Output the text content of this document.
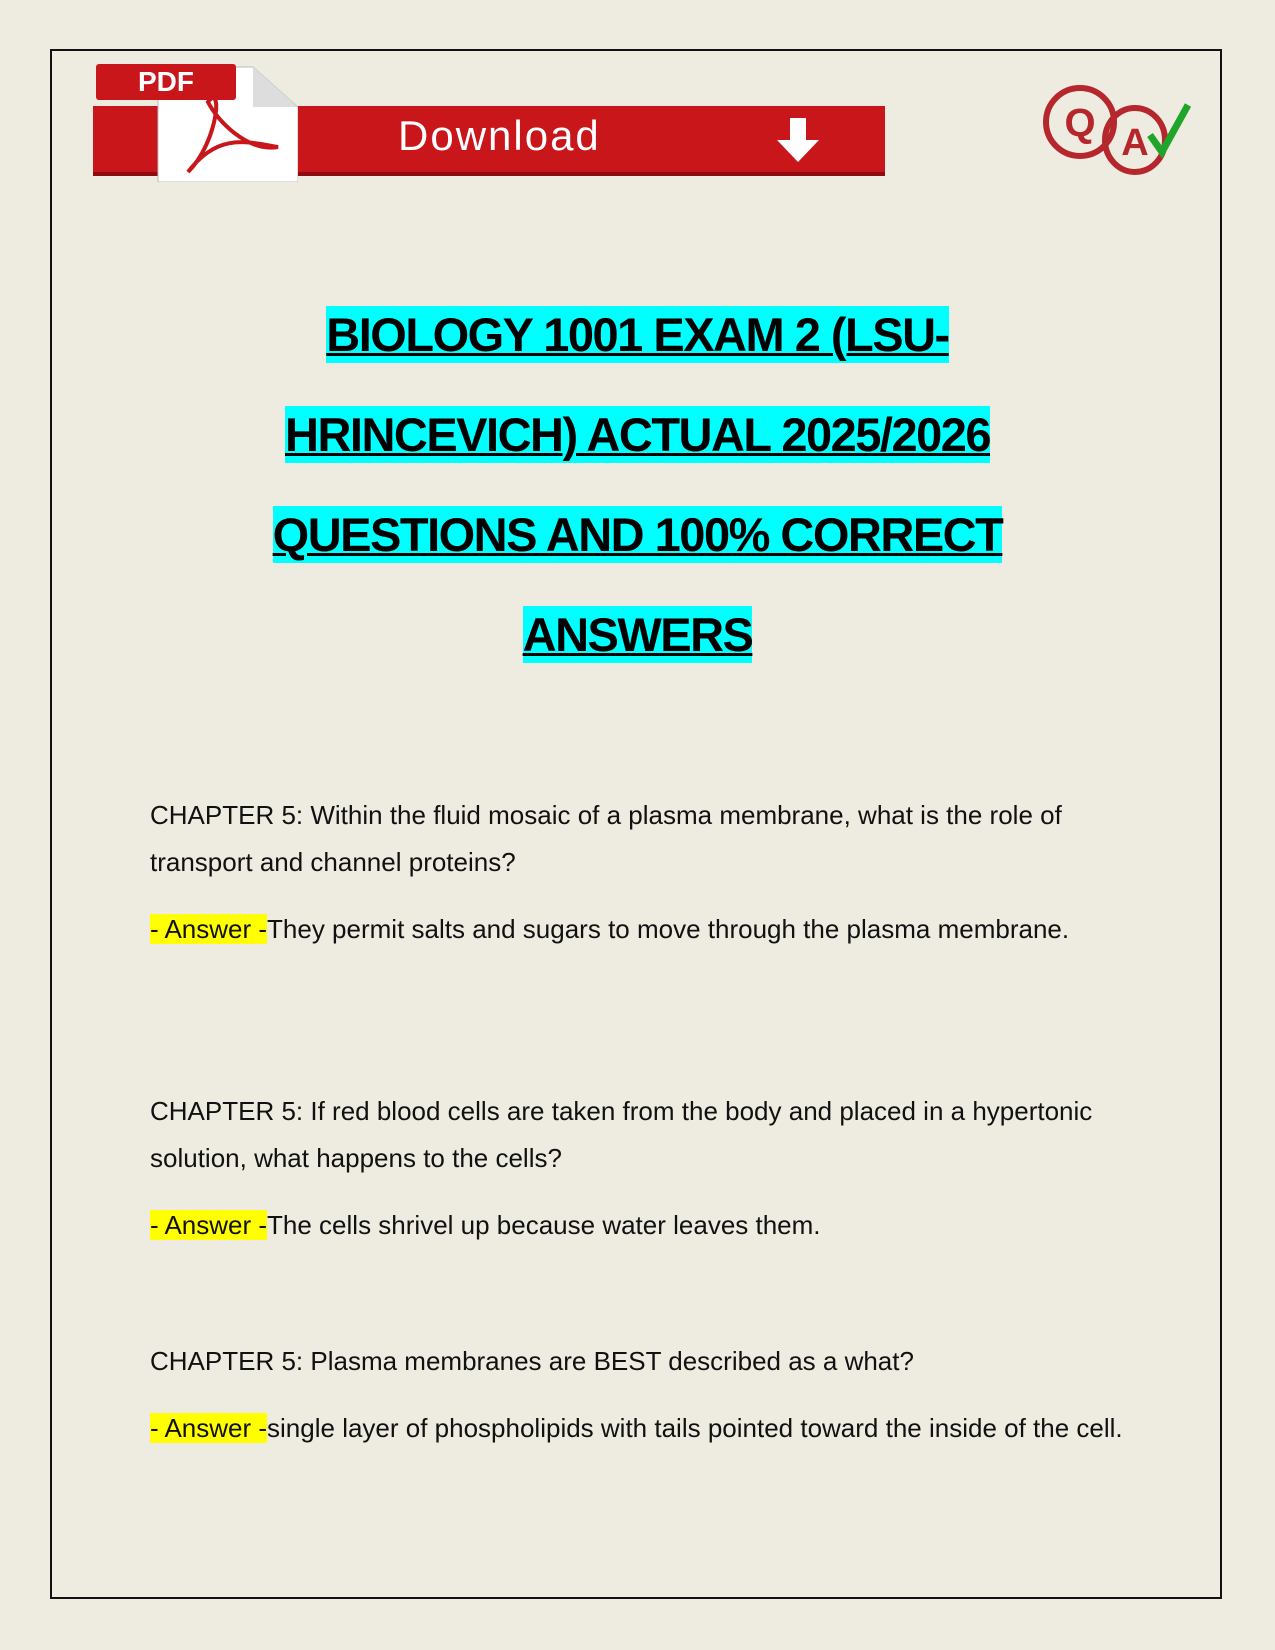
Download
PDF
Q A
BIOLOGY 1001 EXAM 2 (LSU-
HRINCEVICH) ACTUAL 2025/2026
QUESTIONS AND 100% CORRECT
ANSWERS

CHAPTER 5: Within the fluid mosaic of a plasma membrane, what is the role of transport and channel proteins?

- Answer -They permit salts and sugars to move through the plasma membrane.

CHAPTER 5: If red blood cells are taken from the body and placed in a hypertonic solution, what happens to the cells?

- Answer -The cells shrivel up because water leaves them.

CHAPTER 5: Plasma membranes are BEST described as a what?

- Answer -single layer of phospholipids with tails pointed toward the inside of the cell.
